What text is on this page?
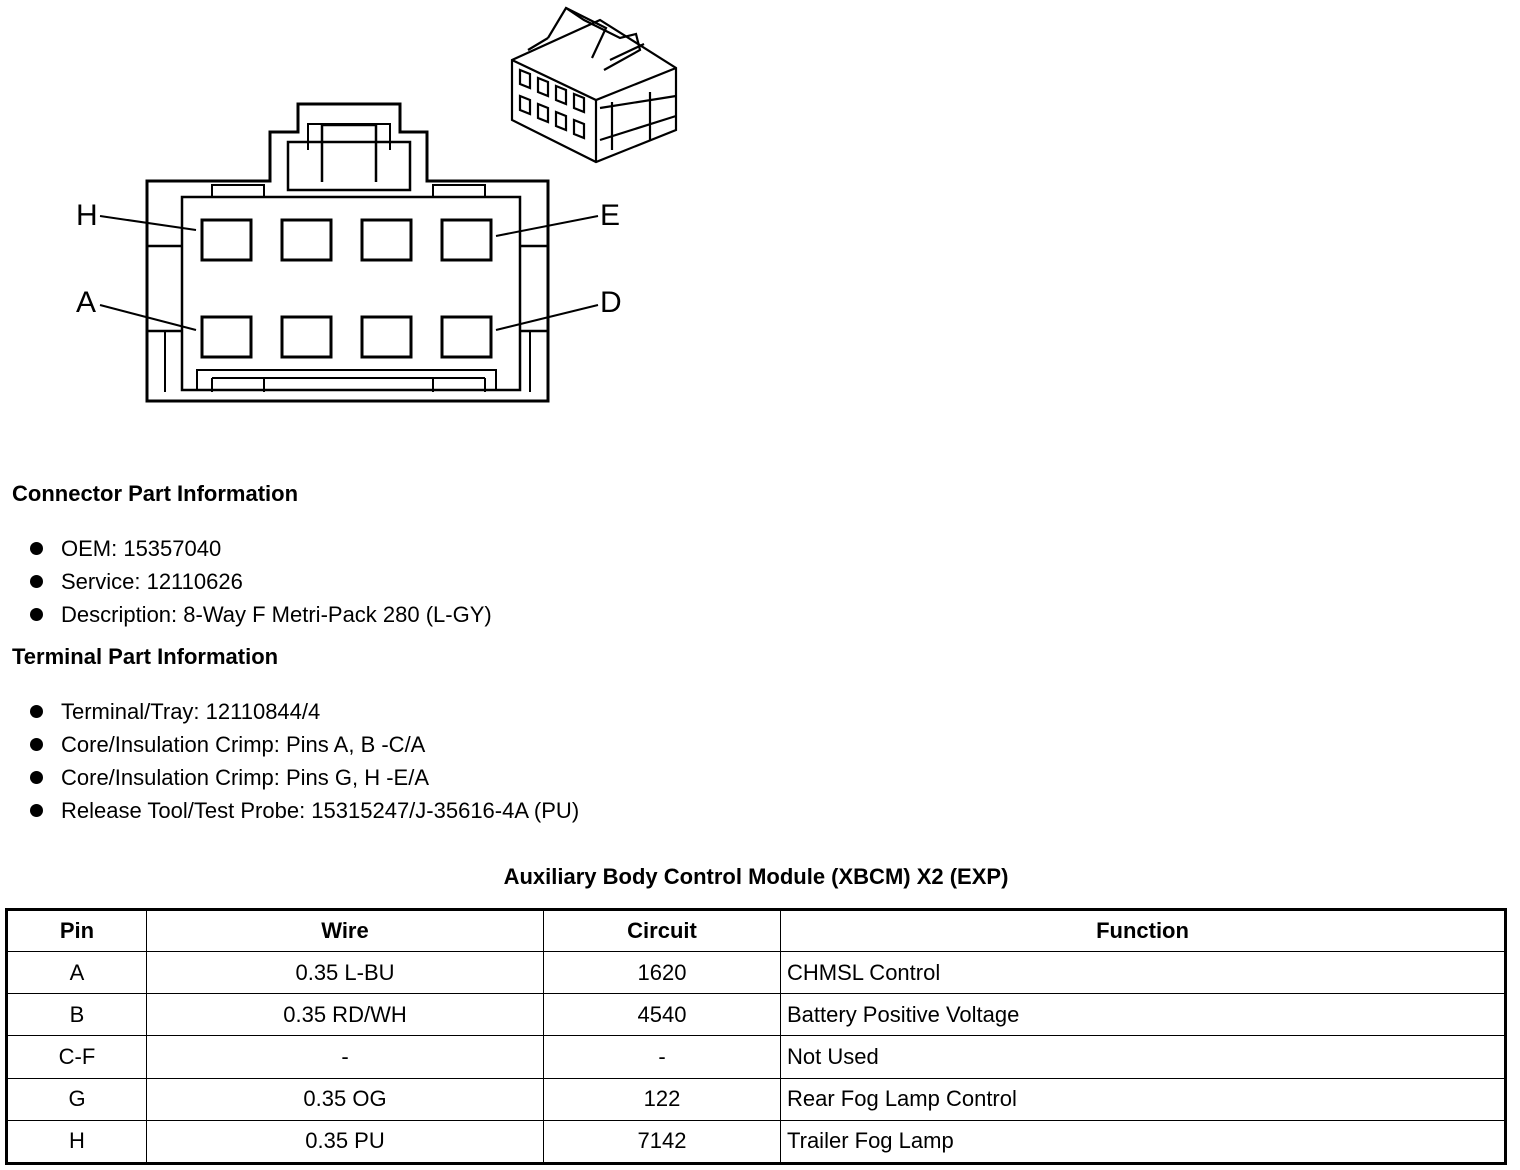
H	E
A	D
Connector Part Information
OEM: 15357040
Service: 12110626
Description: 8-Way F Metri-Pack 280 (L-GY)
Terminal Part Information
Terminal/Tray: 12110844/4
Core/Insulation Crimp: Pins A, B -C/A
Core/Insulation Crimp: Pins G, H -E/A
Release Tool/Test Probe: 15315247/J-35616-4A (PU)
Auxiliary Body Control Module (XBCM) X2 (EXP)
Pin	Wire	Circuit	Function
A	0.35 L-BU	1620	CHMSL Control
B	0.35 RD/WH	4540	Battery Positive Voltage
C-F	-	-	Not Used
G	0.35 OG	122	Rear Fog Lamp Control
H	0.35 PU	7142	Trailer Fog Lamp
